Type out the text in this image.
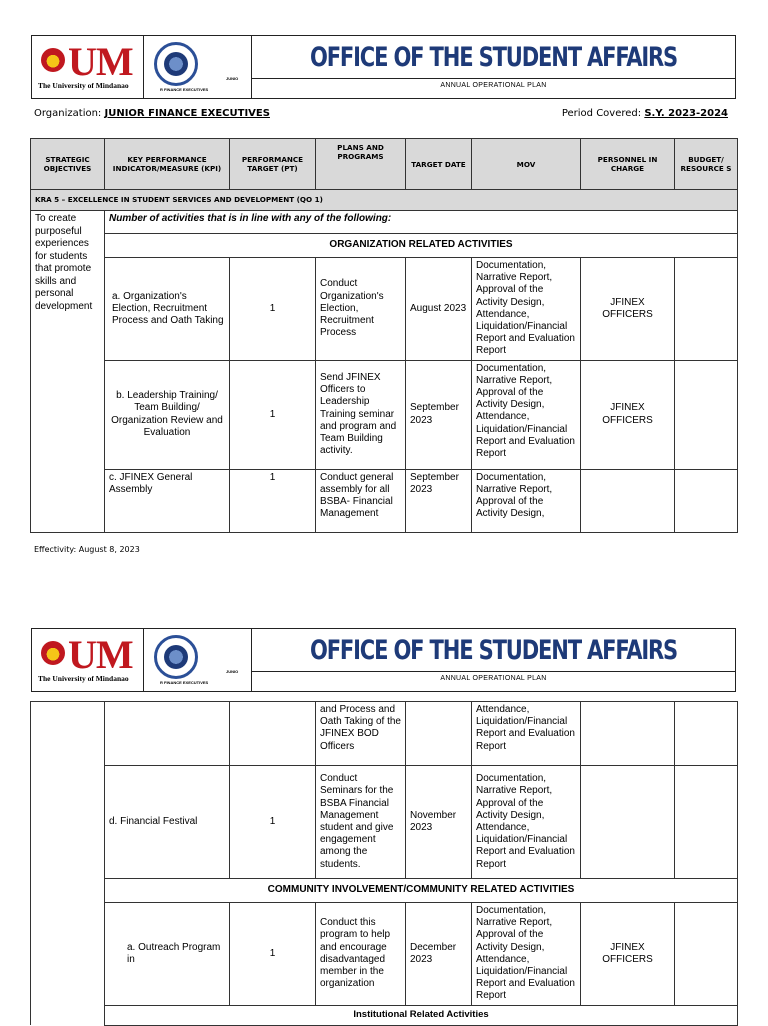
UM
The University of Mindanao
JUNIO
R FINANCE EXECUTIVES
OFFICE OF THE STUDENT AFFAIRS
ANNUAL OPERATIONAL PLAN
Organization: JUNIOR FINANCE EXECUTIVES	Period Covered: S.Y. 2023-2024
STRATEGIC OBJECTIVES	KEY PERFORMANCE INDICATOR/MEASURE (KPI)	PERFORMANCE TARGET (PT)	PLANS AND PROGRAMS	TARGET DATE	MOV	PERSONNEL IN CHARGE	BUDGET/ RESOURCE S
KRA 5 – EXCELLENCE IN STUDENT SERVICES AND DEVELOPMENT (QO 1)							
To create purposeful experiences for students that promote skills and personal development	Number of activities that is in line with any of the following:						
	ORGANIZATION RELATED ACTIVITIES						
	a. Organization's Election, Recruitment Process and Oath Taking	1	Conduct Organization's Election, Recruitment Process	August 2023	Documentation, Narrative Report, Approval of the Activity Design, Attendance, Liquidation/Financial Report and Evaluation Report	JFINEX OFFICERS	
	b. Leadership Training/ Team Building/ Organization Review and Evaluation	1	Send JFINEX Officers to Leadership Training seminar and program and Team Building activity.	September 2023	Documentation, Narrative Report, Approval of the Activity Design, Attendance, Liquidation/Financial Report and Evaluation Report	JFINEX OFFICERS	
	c. JFINEX General Assembly	1	Conduct general assembly for all BSBA- Financial Management	September 2023	Documentation, Narrative Report, Approval of the Activity Design,		
Effectivity: August 8, 2023
UM
The University of Mindanao
JUNIO
R FINANCE EXECUTIVES
OFFICE OF THE STUDENT AFFAIRS
ANNUAL OPERATIONAL PLAN
			and Process and Oath Taking of the JFINEX BOD Officers		Attendance, Liquidation/Financial Report and Evaluation Report		
	d. Financial Festival	1	Conduct Seminars for the BSBA Financial Management student and give engagement among the students.	November 2023	Documentation, Narrative Report, Approval of the Activity Design, Attendance, Liquidation/Financial Report and Evaluation Report		
	COMMUNITY INVOLVEMENT/COMMUNITY RELATED ACTIVITIES						
	a. Outreach Program in	1	Conduct this program to help and encourage disadvantaged member in the organization	December 2023	Documentation, Narrative Report, Approval of the Activity Design, Attendance, Liquidation/Financial Report and Evaluation Report	JFINEX OFFICERS	
	Institutional Related Activities						
